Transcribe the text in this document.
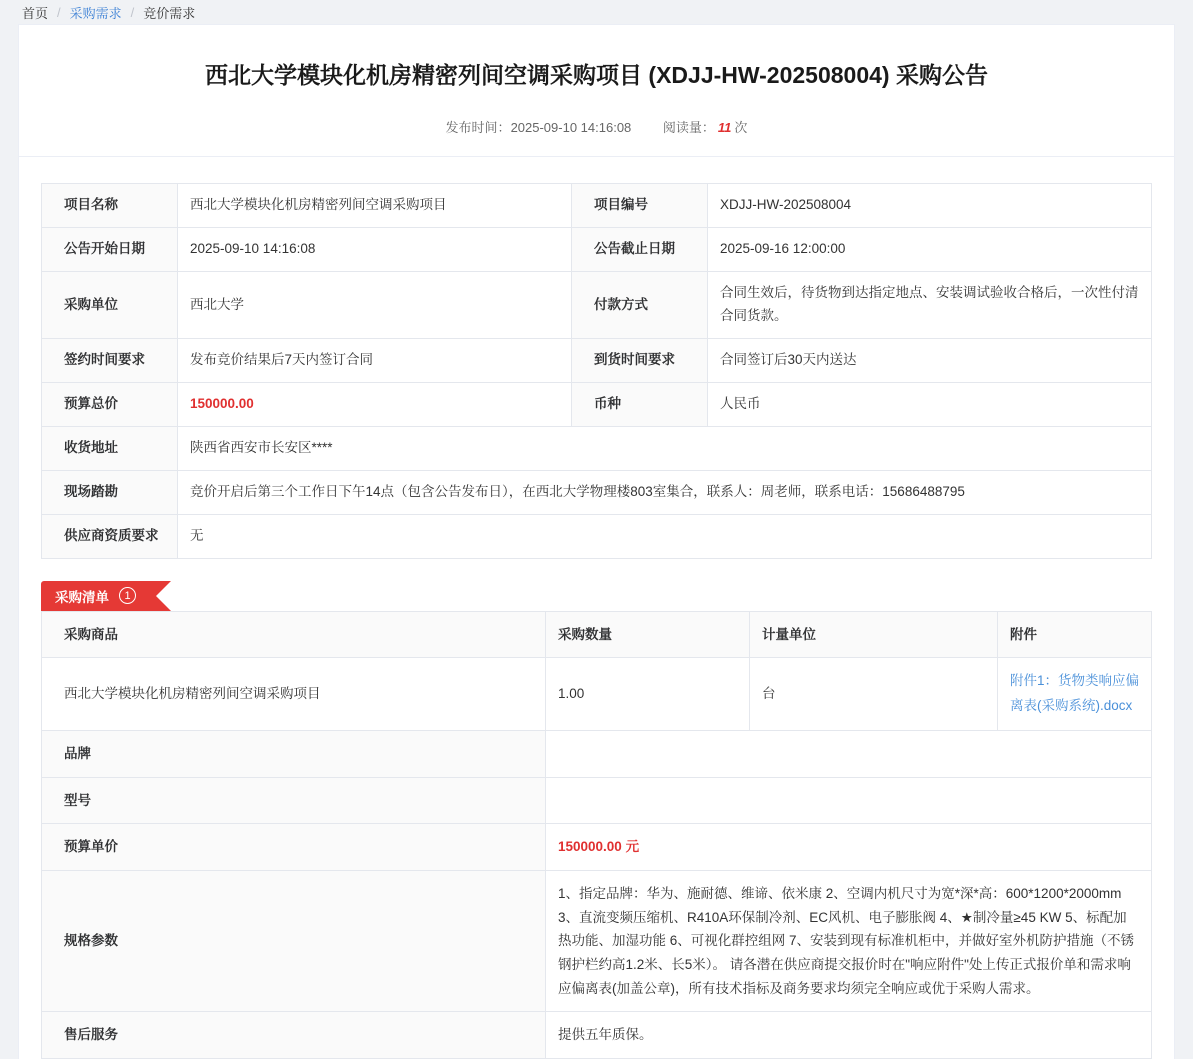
首页 / 采购需求 / 竞价需求
西北大学模块化机房精密列间空调采购项目 (XDJJ-HW-202508004) 采购公告
发布时间：2025-09-10 14:16:08 阅读量： 11 次
项目名称	西北大学模块化机房精密列间空调采购项目	项目编号	XDJJ-HW-202508004
公告开始日期	2025-09-10 14:16:08	公告截止日期	2025-09-16 12:00:00
采购单位	西北大学	付款方式	合同生效后，待货物到达指定地点、安装调试验收合格后，一次性付清合同货款。
签约时间要求	发布竞价结果后7天内签订合同	到货时间要求	合同签订后30天内送达
预算总价	150000.00	币种	人民币
收货地址	陕西省西安市长安区****		
现场踏勘	竞价开启后第三个工作日下午14点（包含公告发布日），在西北大学物理楼803室集合，联系人：周老师，联系电话：15686488795		
供应商资质要求	无		
采购清单	1
采购商品	采购数量	计量单位	附件
西北大学模块化机房精密列间空调采购项目	1.00	台	附件1：货物类响应偏离表(采购系统).docx
品牌			
型号			
预算单价	150000.00 元		
规格参数	1、指定品牌：华为、施耐德、维谛、依米康 2、空调内机尺寸为宽*深*高：600*1200*2000mm 3、直流变频压缩机、R410A环保制冷剂、EC风机、电子膨胀阀 4、★制冷量≥45 KW 5、标配加热功能、加湿功能 6、可视化群控组网 7、安装到现有标准机柜中，并做好室外机防护措施（不锈钢护栏约高1.2米、长5米）。 请各潜在供应商提交报价时在"响应附件"处上传正式报价单和需求响应偏离表(加盖公章)，所有技术指标及商务要求均须完全响应或优于采购人需求。		
售后服务	提供五年质保。		
